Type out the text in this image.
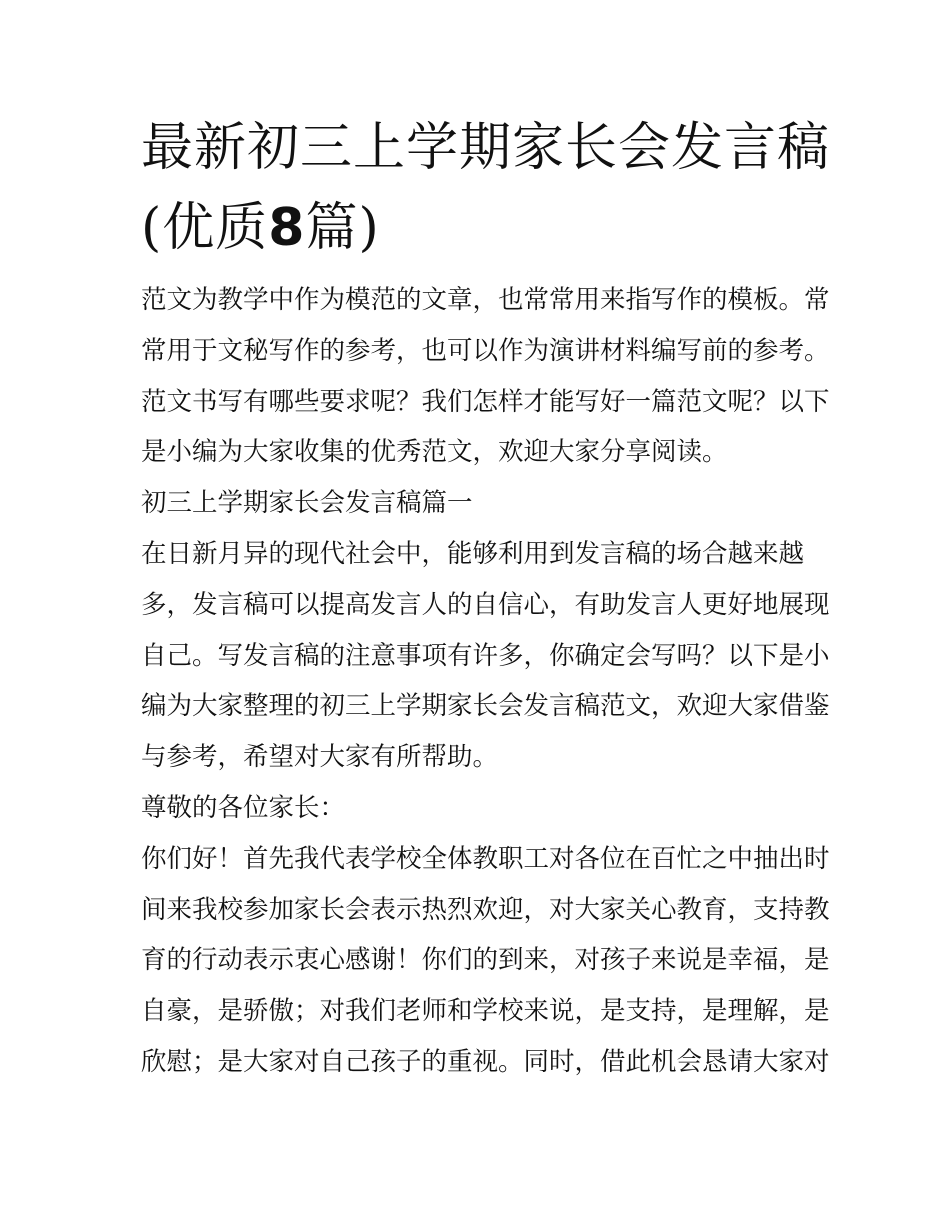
最新初三上学期家长会发言稿
(优质8篇)
范文为教学中作为模范的文章，也常常用来指写作的模板。常
常用于文秘写作的参考，也可以作为演讲材料编写前的参考。
范文书写有哪些要求呢？我们怎样才能写好一篇范文呢？以下
是小编为大家收集的优秀范文，欢迎大家分享阅读。
初三上学期家长会发言稿篇一
在日新月异的现代社会中，能够利用到发言稿的场合越来越
多，发言稿可以提高发言人的自信心，有助发言人更好地展现
自己。写发言稿的注意事项有许多，你确定会写吗？以下是小
编为大家整理的初三上学期家长会发言稿范文，欢迎大家借鉴
与参考，希望对大家有所帮助。
尊敬的各位家长：
你们好！首先我代表学校全体教职工对各位在百忙之中抽出时
间来我校参加家长会表示热烈欢迎，对大家关心教育，支持教
育的行动表示衷心感谢！你们的到来，对孩子来说是幸福，是
自豪，是骄傲；对我们老师和学校来说，是支持，是理解，是
欣慰；是大家对自己孩子的重视。同时，借此机会恳请大家对
